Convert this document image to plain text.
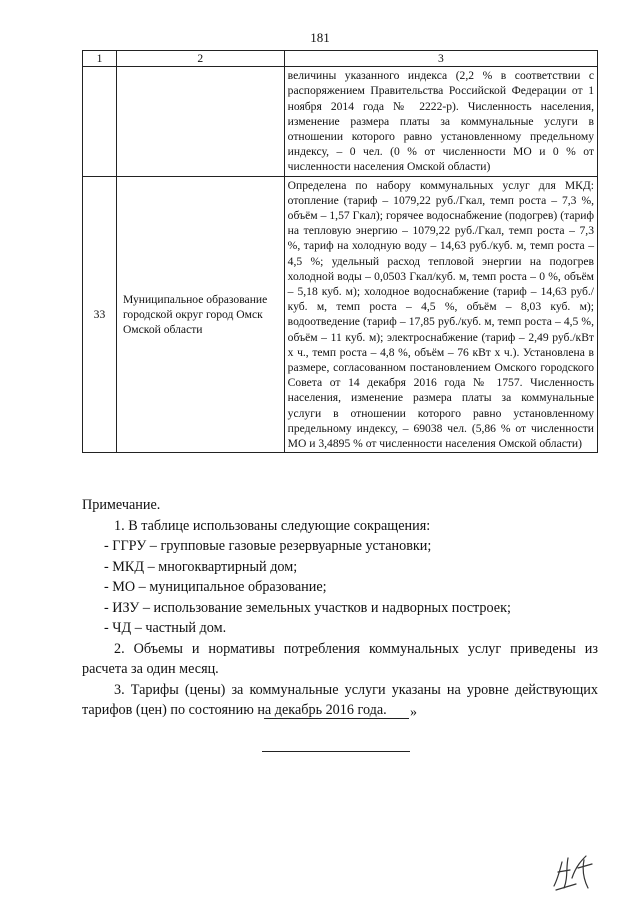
181
1	2	3
		величины указанного индекса (2,2 % в соответствии с распоряжением Правительства Российской Федерации от 1 ноября 2014 года № 2222-р). Численность населения, изменение размера платы за коммунальные услуги в отношении которого равно установленному предельному индексу, – 0 чел. (0 % от численности МО и 0 % от численности населения Омской области)
33	Муниципальное образование городской округ город Омск Омской области	Определена по набору коммунальных услуг для МКД: отопление (тариф – 1079,22 руб./Гкал, темп роста – 7,3 %, объём – 1,57 Гкал); горячее водоснабжение (подогрев) (тариф на тепловую энергию – 1079,22 руб./Гкал, темп роста – 7,3 %, тариф на холодную воду – 14,63 руб./куб. м, темп роста – 4,5 %; удельный расход тепловой энергии на подогрев холодной воды – 0,0503 Гкал/куб. м, темп роста – 0 %, объём – 5,18 куб. м); холодное водоснабжение (тариф – 14,63 руб./куб. м, темп роста – 4,5 %, объём – 8,03 куб. м); водоотведение (тариф – 17,85 руб./куб. м, темп роста – 4,5 %, объём – 11 куб. м); электроснабжение (тариф – 2,49 руб./кВт х ч., темп роста – 4,8 %, объём – 76 кВт х ч.). Установлена в размере, согласованном постановлением Омского городского Совета от 14 декабря 2016 года № 1757. Численность населения, изменение размера платы за коммунальные услуги в отношении которого равно установленному предельному индексу, – 69038 чел. (5,86 % от численности МО и 3,4895 % от численности населения Омской области)

Примечание.

1. В таблице использованы следующие сокращения:

- ГГРУ – групповые газовые резервуарные установки;

- МКД – многоквартирный дом;

- МО – муниципальное образование;

- ИЗУ – использование земельных участков и надворных построек;

- ЧД – частный дом.

2. Объемы и нормативы потребления коммунальных услуг приведены из расчета за один месяц.

3. Тарифы (цены) за коммунальные услуги указаны на уровне действующих тарифов (цен) по состоянию на декабрь 2016 года.	»
